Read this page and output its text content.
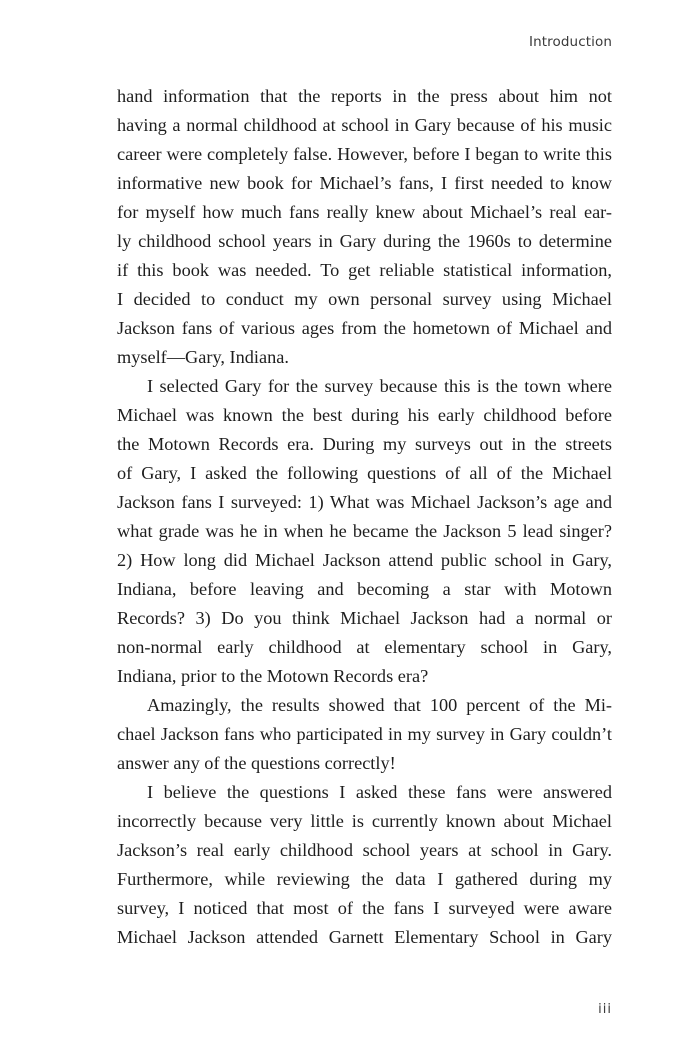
Introduction
hand information that the reports in the press about him not
having a normal childhood at school in Gary because of his music
career were completely false. However, before I began to write this
informative new book for Michael’s fans, I first needed to know
for myself how much fans really knew about Michael’s real ear-
ly childhood school years in Gary during the 1960s to determine
if this book was needed. To get reliable statistical information,
I decided to conduct my own personal survey using Michael
Jackson fans of various ages from the hometown of Michael and
myself—Gary, Indiana.
I selected Gary for the survey because this is the town where
Michael was known the best during his early childhood before
the Motown Records era. During my surveys out in the streets
of Gary, I asked the following questions of all of the Michael
Jackson fans I surveyed: 1) What was Michael Jackson’s age and
what grade was he in when he became the Jackson 5 lead singer?
2) How long did Michael Jackson attend public school in Gary,
Indiana, before leaving and becoming a star with Motown
Records? 3) Do you think Michael Jackson had a normal or
non-normal early childhood at elementary school in Gary,
Indiana, prior to the Motown Records era?
Amazingly, the results showed that 100 percent of the Mi-
chael Jackson fans who participated in my survey in Gary couldn’t
answer any of the questions correctly!
I believe the questions I asked these fans were answered
incorrectly because very little is currently known about Michael
Jackson’s real early childhood school years at school in Gary.
Furthermore, while reviewing the data I gathered during my
survey, I noticed that most of the fans I surveyed were aware
Michael Jackson attended Garnett Elementary School in Gary
iii
